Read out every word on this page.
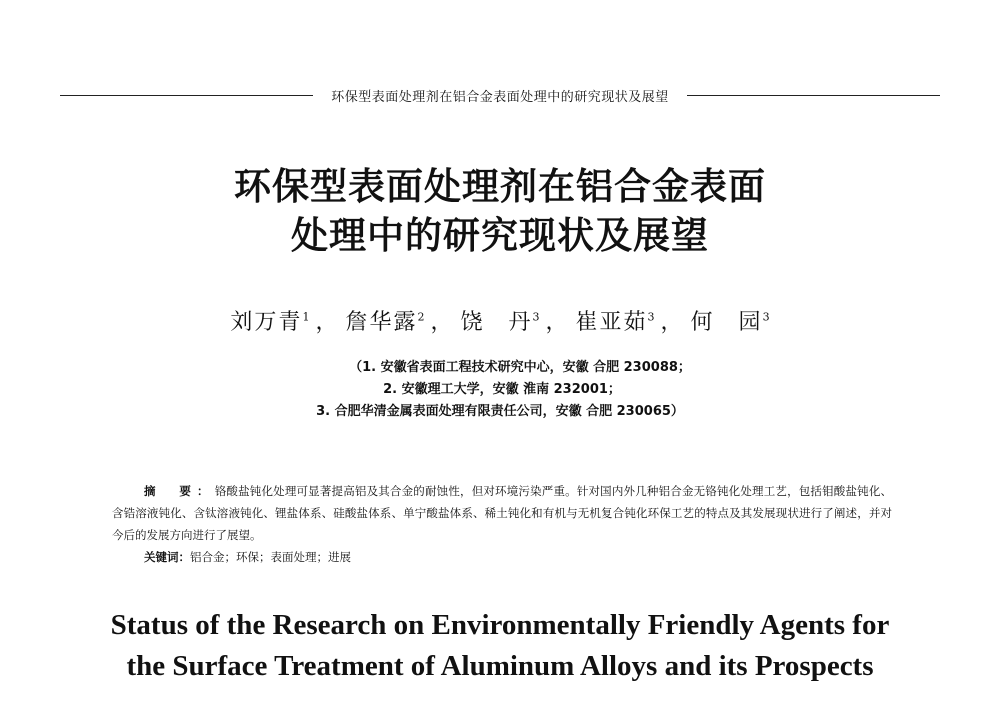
环保型表面处理剂在铝合金表面处理中的研究现状及展望
环保型表面处理剂在铝合金表面
处理中的研究现状及展望
刘万青$^1$ ， 詹华露$^2$ ， 饶　丹$^3$ ， 崔亚茹$^3$ ， 何　园$^3$
（1. 安徽省表面工程技术研究中心，安徽 合肥 230088；
2. 安徽理工大学，安徽 淮南 232001；
3. 合肥华清金属表面处理有限责任公司，安徽 合肥 230065）

摘　要：铬酸盐钝化处理可显著提高铝及其合金的耐蚀性，但对环境污染严重。针对国内外几种铝合金无铬钝化处理工艺，包括钼酸盐钝化、含锆溶液钝化、含钛溶液钝化、锂盐体系、硅酸盐体系、单宁酸盐体系、稀土钝化和有机与无机复合钝化环保工艺的特点及其发展现状进行了阐述，并对今后的发展方向进行了展望。

关键词：铝合金；环保；表面处理；进展
Status of the Research on Environmentally Friendly Agents for
the Surface Treatment of Aluminum Alloys and its Prospects
